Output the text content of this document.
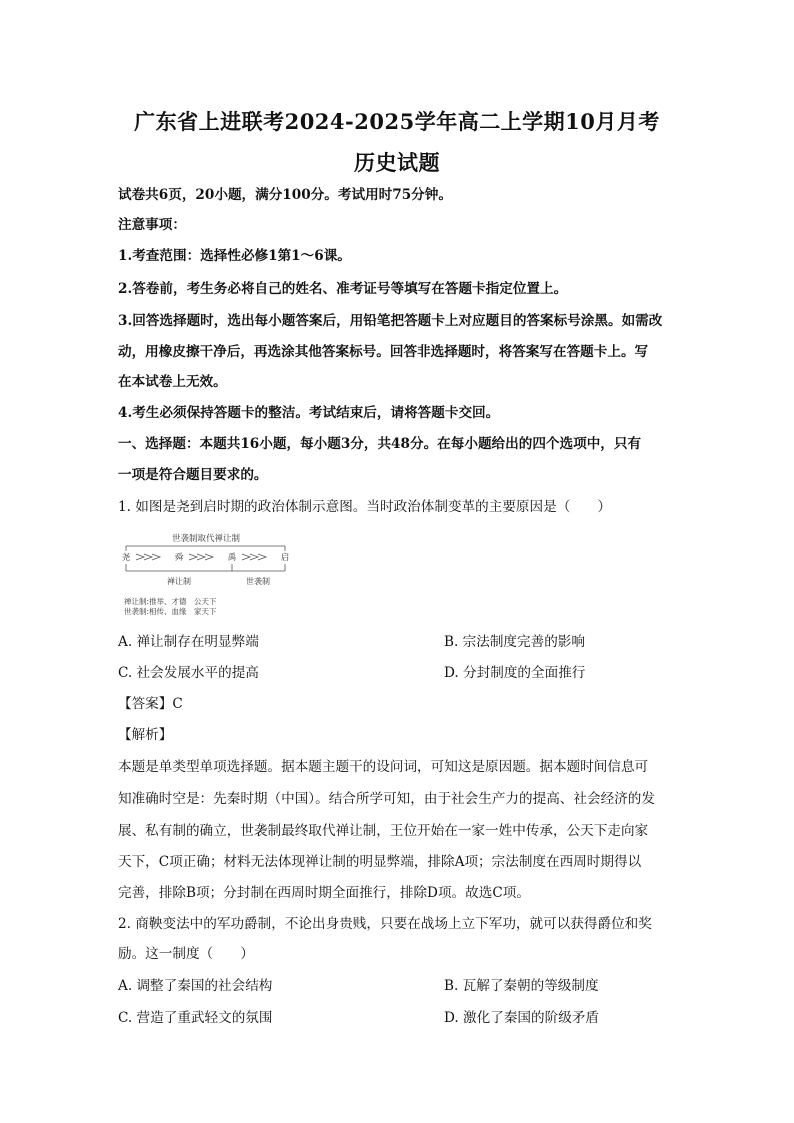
广东省上进联考2024-2025学年高二上学期10月月考
历史试题
试卷共6页，20小题，满分100分。考试用时75分钟。
注意事项：
1.考查范围：选择性必修1第1～6课。
2.答卷前，考生务必将自己的姓名、准考证号等填写在答题卡指定位置上。
3.回答选择题时，选出每小题答案后，用铅笔把答题卡上对应题目的答案标号涂黑。如需改
动，用橡皮擦干净后，再选涂其他答案标号。回答非选择题时，将答案写在答题卡上。写
在本试卷上无效。
4.考生必须保持答题卡的整洁。考试结束后，请将答题卡交回。
一、选择题：本题共16小题，每小题3分，共48分。在每小题给出的四个选项中，只有
一项是符合题目要求的。
1. 如图是尧到启时期的政治体制示意图。当时政治体制变革的主要原因是（　　）
世袭制取代禅让制
尧	舜	禹	启
禅让制	世袭制
禅让制:推举、才德　公天下
世袭制:相传、血缘　家天下
A. 禅让制存在明显弊端	B. 宗法制度完善的影响
C. 社会发展水平的提高	D. 分封制度的全面推行
【答案】C
【解析】
本题是单类型单项选择题。据本题主题干的设问词，可知这是原因题。据本题时间信息可
知准确时空是：先秦时期（中国）。结合所学可知，由于社会生产力的提高、社会经济的发
展、私有制的确立，世袭制最终取代禅让制，王位开始在一家一姓中传承，公天下走向家
天下，C项正确；材料无法体现禅让制的明显弊端，排除A项；宗法制度在西周时期得以
完善，排除B项；分封制在西周时期全面推行，排除D项。故选C项。
2. 商鞅变法中的军功爵制，不论出身贵贱，只要在战场上立下军功，就可以获得爵位和奖
励。这一制度（　　）
A. 调整了秦国的社会结构	B. 瓦解了秦朝的等级制度
C. 营造了重武轻文的氛围	D. 激化了秦国的阶级矛盾
